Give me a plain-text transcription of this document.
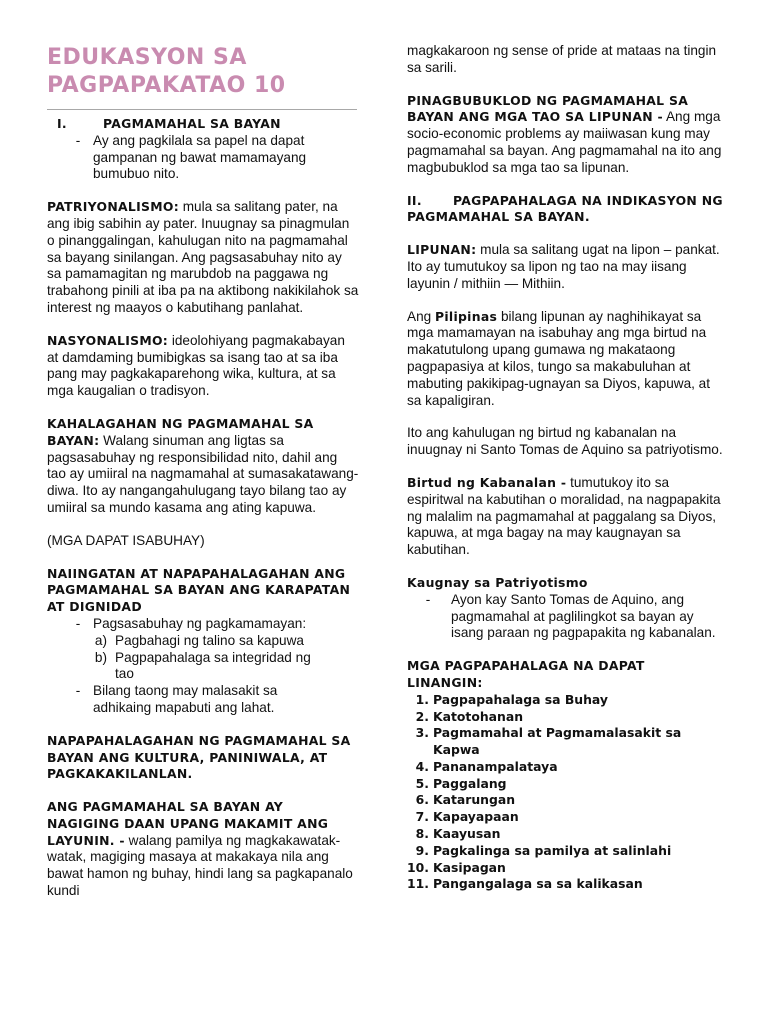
EDUKASYON SA

PAGPAPAKATAO 10

I.	PAGMAMAHAL SA BAYAN
- Ay ang pagkilala sa papel na dapat gampanan ng bawat mamamayang bumubuo nito.

PATRIYONALISMO: mula sa salitang pater, na ang ibig sabihin ay pater. Inuugnay sa pinagmulan o pinanggalingan, kahulugan nito na pagmamahal sa bayang sinilangan. Ang pagsasabuhay nito ay sa pamamagitan ng marubdob na paggawa ng trabahong pinili at iba pa na aktibong nakikilahok sa interest ng maayos o kabutihang panlahat.

NASYONALISMO: ideolohiyang pagmakabayan at damdaming bumibigkas sa isang tao at sa iba pang may pagkakaparehong wika, kultura, at sa mga kaugalian o tradisyon.

KAHALAGAHAN NG PAGMAMAHAL SA BAYAN: Walang sinuman ang ligtas sa pagsasabuhay ng responsibilidad nito, dahil ang tao ay umiiral na nagmamahal at sumasakatawang-diwa. Ito ay nangangahulugang tayo bilang tao ay umiiral sa mundo kasama ang ating kapuwa.

(MGA DAPAT ISABUHAY)

NAIINGATAN AT NAPAPAHALAGAHAN ANG PAGMAMAHAL SA BAYAN ANG KARAPATAN AT DIGNIDAD

- Pagsasabuhay ng pagkamamayan:
a) Pagbahagi ng talino sa kapuwa
b) Pagpapahalaga sa integridad ng tao
- Bilang taong may malasakit sa adhikaing mapabuti ang lahat.

NAPAPAHALAGAHAN NG PAGMAMAHAL SA BAYAN ANG KULTURA, PANINIWALA, AT PAGKAKAKILANLAN.

ANG PAGMAMAHAL SA BAYAN AY NAGIGING DAAN UPANG MAKAMIT ANG LAYUNIN. - walang pamilya ng magkakawatak-watak, magiging masaya at makakaya nila ang bawat hamon ng buhay, hindi lang sa pagkapanalo kundi

magkakaroon ng sense of pride at mataas na tingin sa sarili.

PINAGBUBUKLOD NG PAGMAMAHAL SA BAYAN ANG MGA TAO SA LIPUNAN - Ang mga socio-economic problems ay maiiwasan kung may pagmamahal sa bayan. Ang pagmamahal na ito ang magbubuklod sa mga tao sa lipunan.

II.	PAGPAPAHALAGA NA INDIKASYON NG PAGMAMAHAL SA BAYAN.

LIPUNAN: mula sa salitang ugat na lipon – pankat. Ito ay tumutukoy sa lipon ng tao na may iisang layunin / mithiin — Mithiin.

Ang Pilipinas bilang lipunan ay naghihikayat sa mga mamamayan na isabuhay ang mga birtud na makatutulong upang gumawa ng makataong pagpapasiya at kilos, tungo sa makabuluhan at mabuting pakikipag-ugnayan sa Diyos, kapuwa, at sa kapaligiran.

Ito ang kahulugan ng birtud ng kabanalan na inuugnay ni Santo Tomas de Aquino sa patriyotismo.

Birtud ng Kabanalan - tumutukoy ito sa espiritwal na kabutihan o moralidad, na nagpapakita ng malalim na pagmamahal at paggalang sa Diyos, kapuwa, at mga bagay na may kaugnayan sa kabutihan.

Kaugnay sa Patriyotismo

-	Ayon kay Santo Tomas de Aquino, ang pagmamahal at paglilingkot sa bayan ay isang paraan ng pagpapakita ng kabanalan.

MGA PAGPAPAHALAGA NA DAPAT LINANGIN:

1. Pagpapahalaga sa Buhay
2. Katotohanan
3. Pagmamahal at Pagmamalasakit sa Kapwa
4. Pananampalataya
5. Paggalang
6. Katarungan
7. Kapayapaan
8. Kaayusan
9. Pagkalinga sa pamilya at salinlahi
10. Kasipagan
11. Pangangalaga sa sa kalikasan
